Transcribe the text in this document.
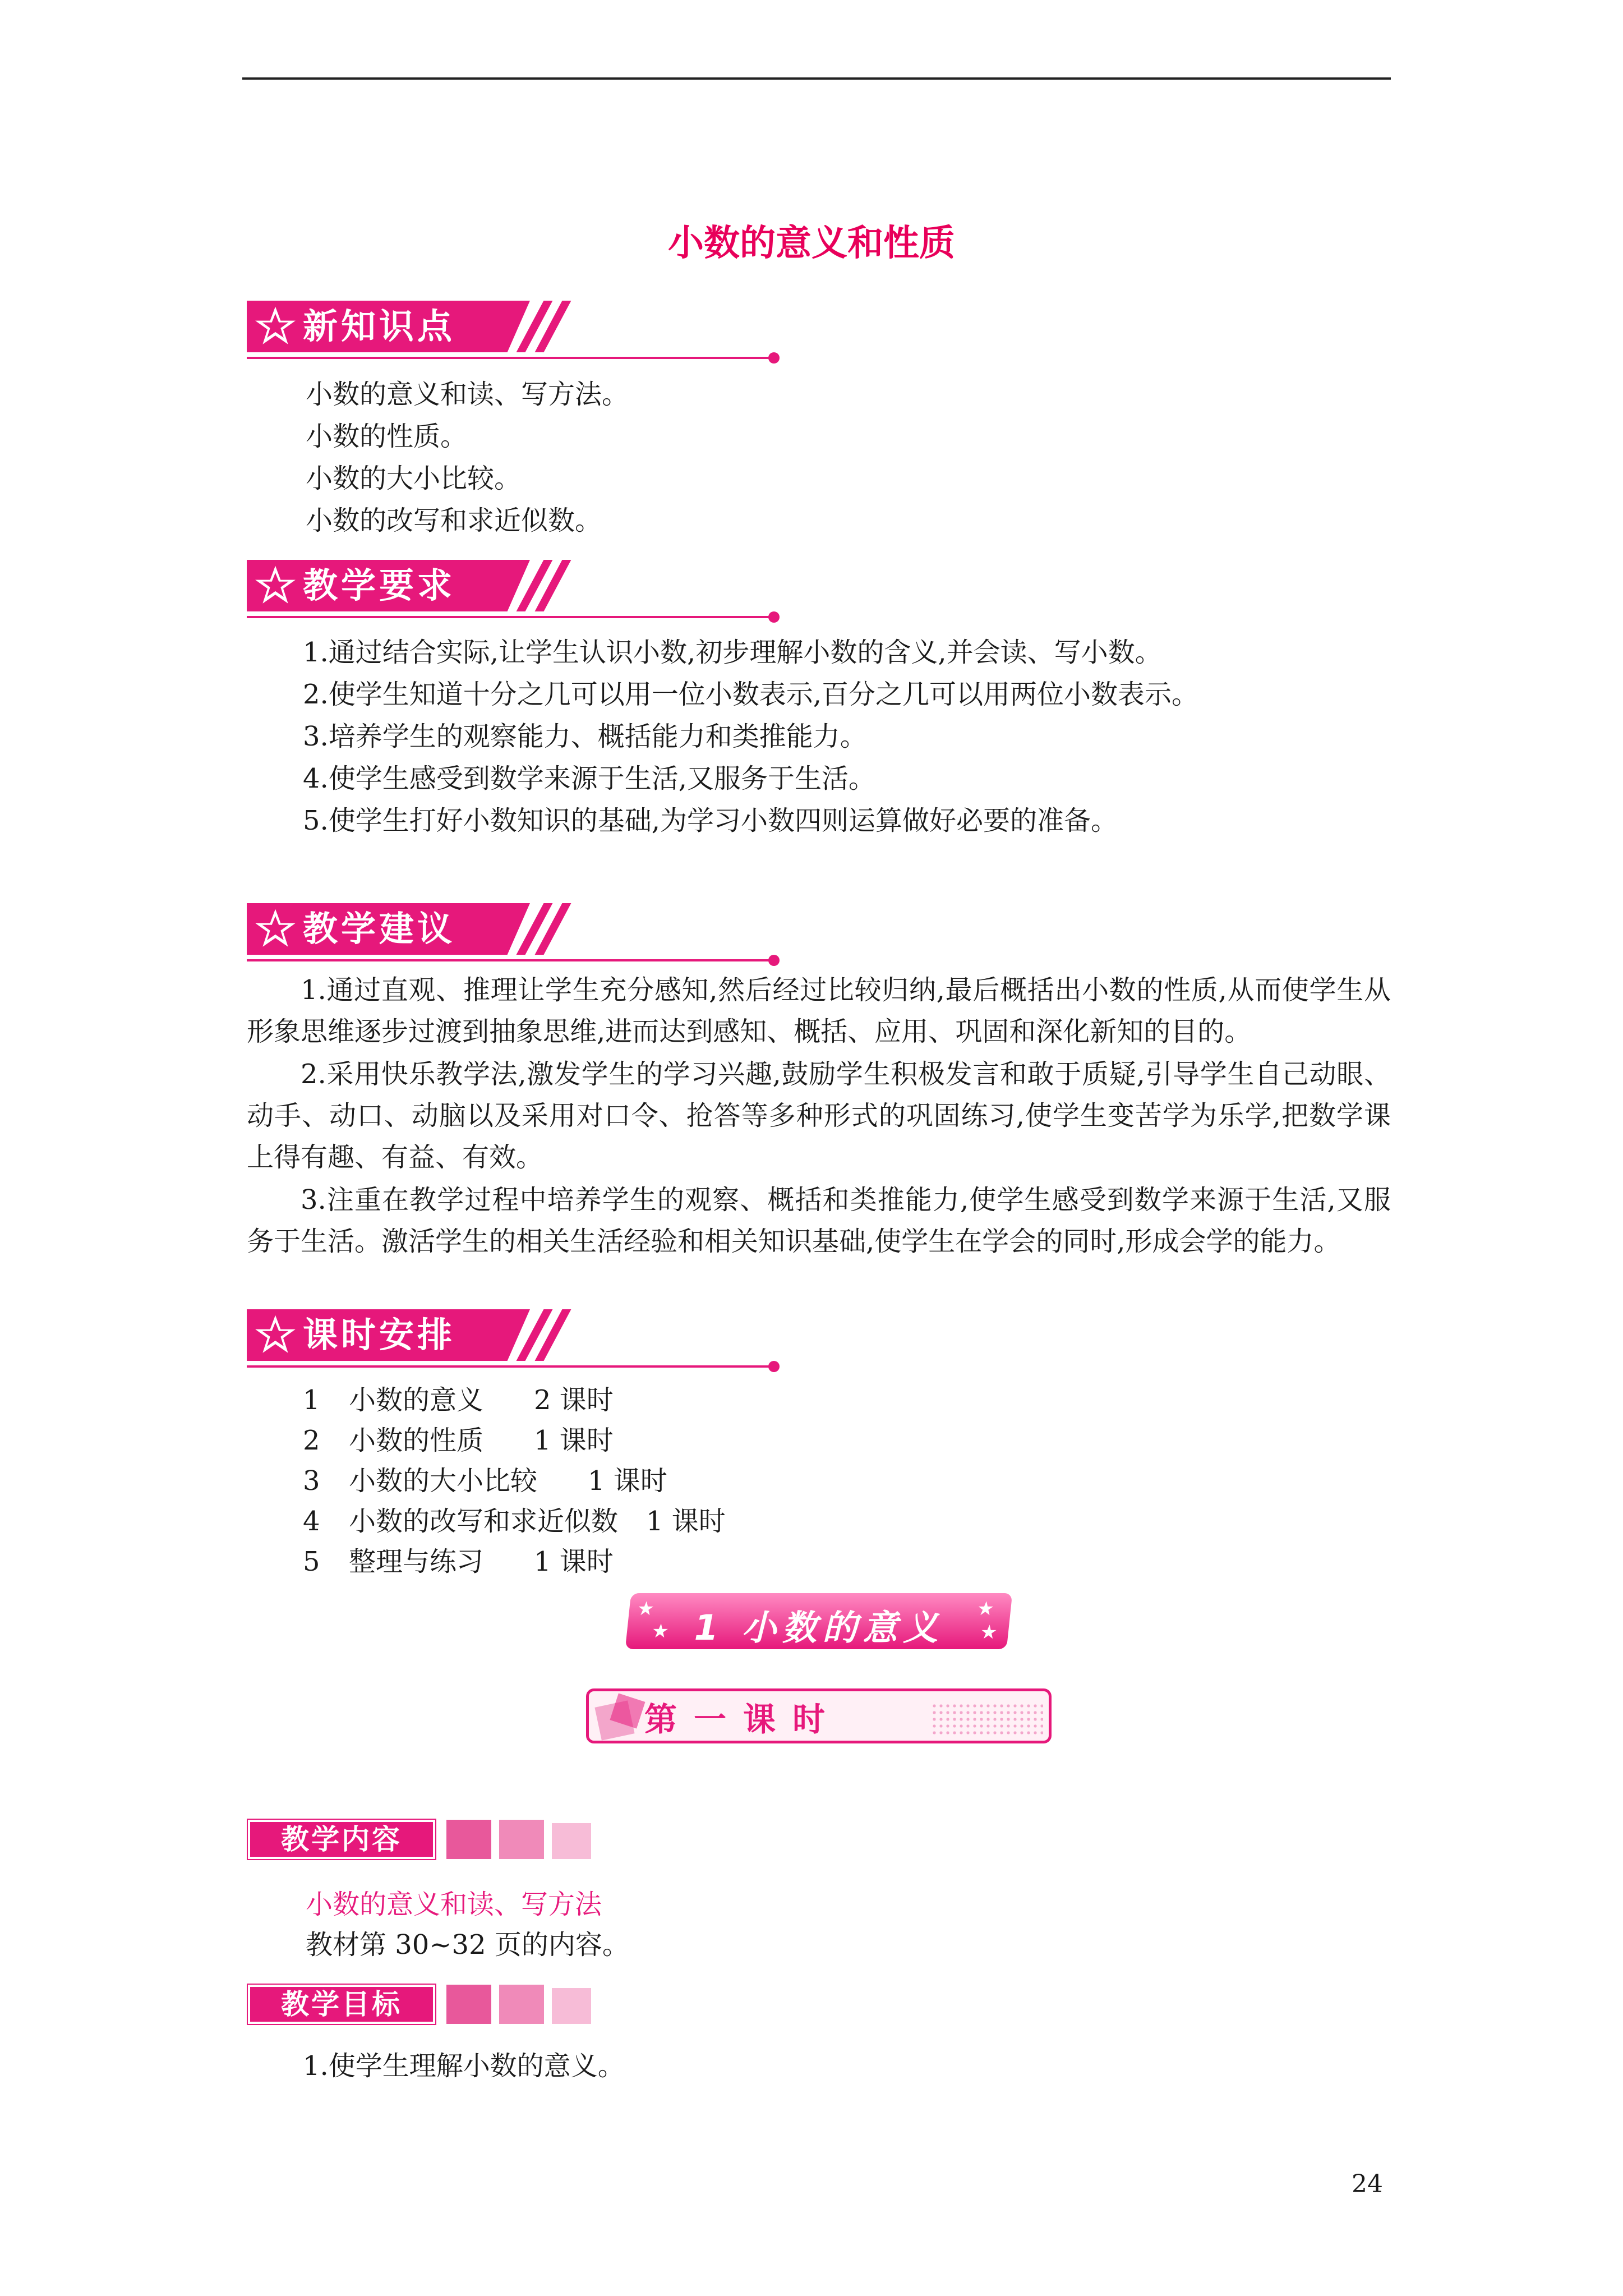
小数的意义和性质
新知识点
小数的意义和读、写方法。
小数的性质。
小数的大小比较。
小数的改写和求近似数。
教学要求
1.通过结合实际,让学生认识小数,初步理解小数的含义,并会读、写小数。
2.使学生知道十分之几可以用一位小数表示,百分之几可以用两位小数表示。
3.培养学生的观察能力、概括能力和类推能力。
4.使学生感受到数学来源于生活,又服务于生活。
5.使学生打好小数知识的基础,为学习小数四则运算做好必要的准备。
教学建议
1.通过直观、推理让学生充分感知,然后经过比较归纳,最后概括出小数的性质,从而使学生从形象思维逐步过渡到抽象思维,进而达到感知、概括、应用、巩固和深化新知的目的。
2.采用快乐教学法,激发学生的学习兴趣,鼓励学生积极发言和敢于质疑,引导学生自己动眼、动手、动口、动脑以及采用对口令、抢答等多种形式的巩固练习,使学生变苦学为乐学,把数学课上得有趣、有益、有效。
3.注重在教学过程中培养学生的观察、概括和类推能力,使学生感受到数学来源于生活,又服务于生活。激活学生的相关生活经验和相关知识基础,使学生在学会的同时,形成会学的能力。
课时安排
1 小数的意义 2 课时
2 小数的性质 1 课时
3 小数的大小比较 1 课时
4 小数的改写和求近似数 1 课时
5 整理与练习 1 课时
★
★
★
★
1 小数的意义
第一课时
教学内容
小数的意义和读、写方法
教材第 30~32 页的内容。
教学目标
1.使学生理解小数的意义。
24
